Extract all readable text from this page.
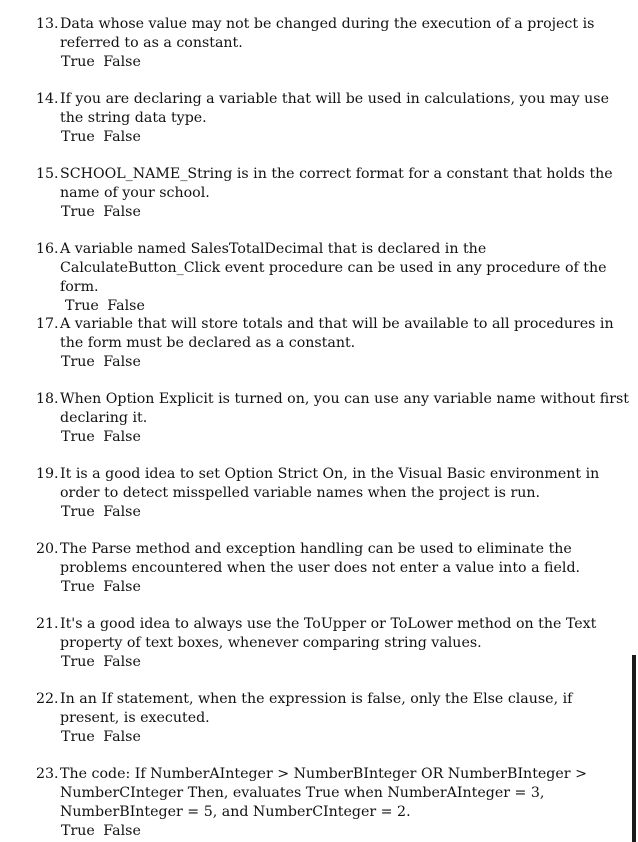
13. Data whose value may not be changed during the execution of a project is referred to as a constant.
True False
14. If you are declaring a variable that will be used in calculations, you may use the string data type.
True False
15. SCHOOL_NAME_String is in the correct format for a constant that holds the name of your school.
True False
16. A variable named SalesTotalDecimal that is declared in the CalculateButton_Click event procedure can be used in any procedure of the form.
True False
17. A variable that will store totals and that will be available to all procedures in the form must be declared as a constant.
True False
18. When Option Explicit is turned on, you can use any variable name without first declaring it.
True False
19. It is a good idea to set Option Strict On, in the Visual Basic environment in order to detect misspelled variable names when the project is run.
True False
20. The Parse method and exception handling can be used to eliminate the problems encountered when the user does not enter a value into a field.
True False
21. It's a good idea to always use the ToUpper or ToLower method on the Text property of text boxes, whenever comparing string values.
True False
22. In an If statement, when the expression is false, only the Else clause, if present, is executed.
True False
23. The code: If NumberAInteger > NumberBInteger OR NumberBInteger > NumberCInteger Then, evaluates True when NumberAInteger = 3, NumberBInteger = 5, and NumberCInteger = 2.
True False
